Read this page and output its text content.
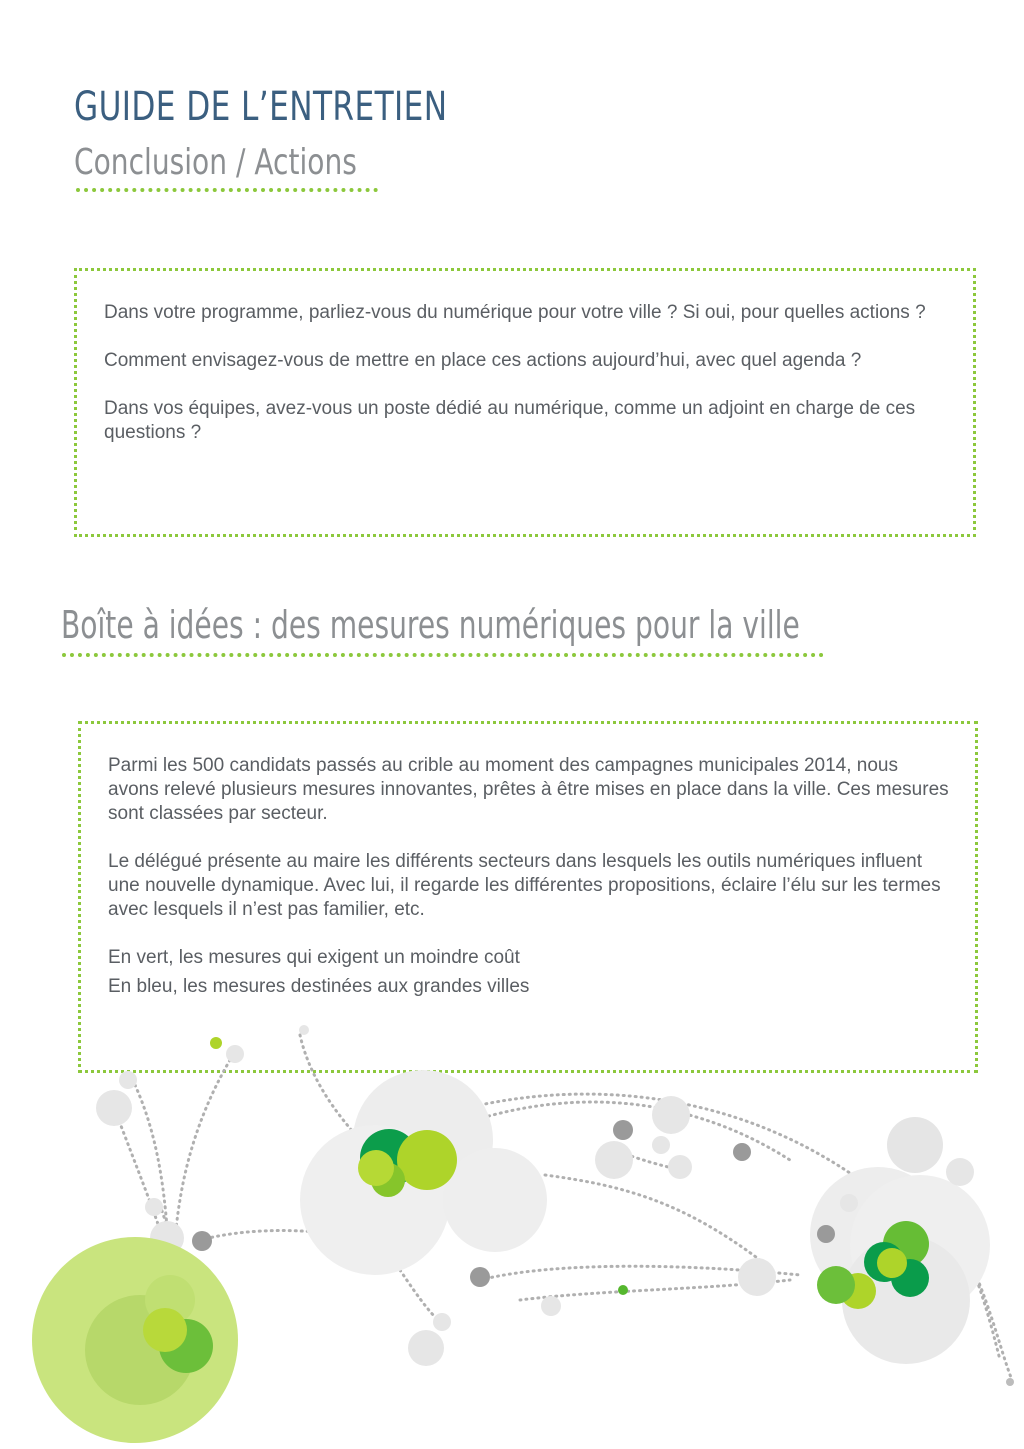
GUIDE DE L’ENTRETIEN
Conclusion / Actions

Dans votre programme, parliez-vous du numérique pour votre ville ? Si oui, pour quelles actions ?

Comment envisagez-vous de mettre en place ces actions aujourd’hui, avec quel agenda ?

Dans vos équipes, avez-vous un poste dédié au numérique, comme un adjoint en charge de ces questions ?

Boîte à idées : des mesures numériques pour la ville

Parmi les 500 candidats passés au crible au moment des campagnes municipales 2014, nous avons relevé plusieurs mesures innovantes, prêtes à être mises en place dans la ville. Ces mesures sont classées par secteur.

Le délégué présente au maire les différents secteurs dans lesquels les outils numériques influent une nouvelle dynamique. Avec lui, il regarde les différentes propositions, éclaire l’élu sur les termes avec lesquels il n’est pas familier, etc.

En vert, les mesures qui exigent un moindre coût

En bleu, les mesures destinées aux grandes villes
